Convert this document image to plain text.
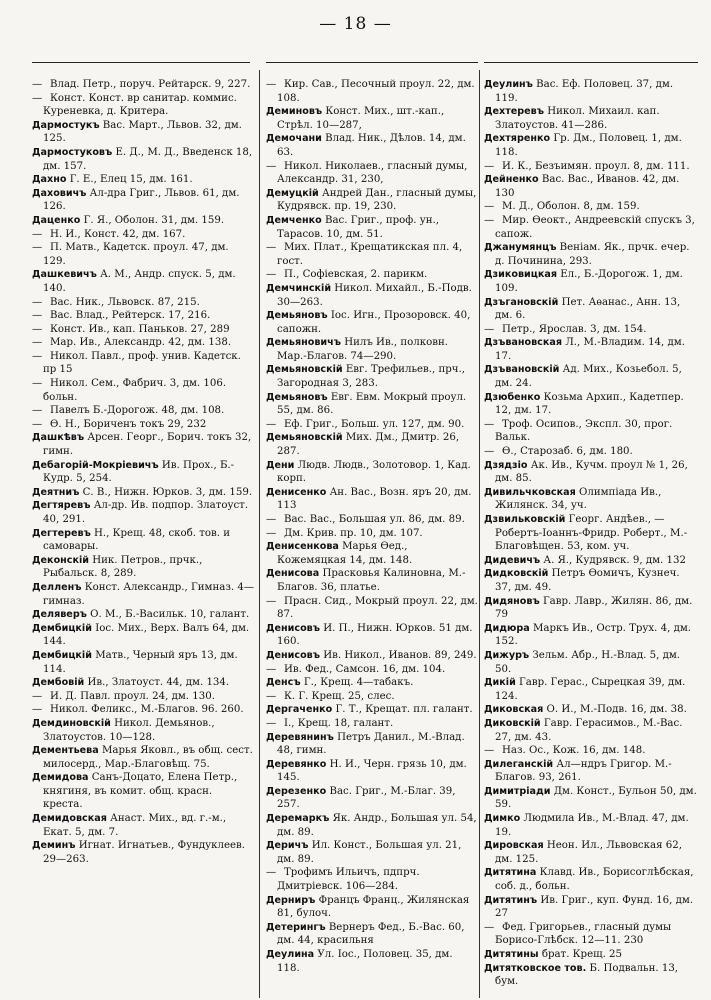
— 18 —
— Влад. Петр., поруч. Рейтарск. 9, 227.
— Конст. Конст. вр санитар. коммис. Куреневка, д. Критера.
Дармостукъ Вас. Март., Львов. 32, дм. 125.
Дармостуковъ Е. Д., М. Д., Введенск 18, дм. 157.
Дахно Г. Е., Елец 15, дм. 161.
Даховичъ Ал-дра Григ., Львов. 61, дм. 126.
Даценко Г. Я., Оболон. 31, дм. 159.
— Н. И., Конст. 42, дм. 167.
— П. Матв., Кадетск. проул. 47, дм. 129.
Дашкевичъ А. М., Андр. спуск. 5, дм. 140.
— Вас. Ник., Львовск. 87, 215.
— Вас. Влад., Рейтерск. 17, 216.
— Конст. Ив., кап. Паньков. 27, 289
— Мар. Ив., Александр. 42, дм. 138.
— Никол. Павл., проф. унив. Кадетск. пр 15
— Никол. Сем., Фабрич. 3, дм. 106. больн.
— Павелъ Б.-Дорогож. 48, дм. 108.
— Ѳ. Н., Бориченъ токъ 29, 232
Дашкѣвъ Арсен. Георг., Борич. токъ 32, гимн.
Дебагорій-Мокріевичъ Ив. Прох., Б.-Кудр. 5, 254.
Деятниъ С. В., Нижн. Юрков. 3, дм. 159.
Дегтяревъ Ал-др. Ив. подпор. Златоуст. 40, 291.
Дегтеревъ Н., Крещ. 48, скоб. тов. и самовары.
Деконскій Ник. Петров., прчк., Рыбальск. 8, 289.
Делленъ Конст. Александр., Гимназ. 4—гимназ.
Деляверъ О. М., Б.-Васильк. 10, галант.
Дембицкій Іос. Мих., Верх. Валъ 64, дм. 144.
Дембицкій Матв., Черный яръ 13, дм. 114.
Дембовій Ив., Златоуст. 44, дм. 134.
— И. Д. Павл. проул. 24, дм. 130.
— Никол. Феликс., М.-Благов. 96. 260.
Демдиновскій Никол. Демьянов., Златоустов. 10—128.
Дементьева Марья Яковл., въ общ. сест. милосерд., Мар.-Благовѣщ. 75.
Демидова Санъ-Доцато, Елена Петр., княгиня, въ комит. общ. красн. креста.
Демидовская Анаст. Мих., вд. г.-м., Екат. 5, дм. 7.
Деминъ Игнат. Игнатьев., Фундуклеев. 29—263.
— Кир. Сав., Песочный проул. 22, дм. 108.
Деминовъ Конст. Мих., шт.-кап., Стрѣл. 10—287,
Демочани Влад. Ник., Дѣлов. 14, дм. 63.
— Никол. Николаев., гласный думы, Александр. 31, 230,
Демуцкій Андрей Дан., гласный думы, Кудрявск. пр. 19, 230.
Демченко Вас. Григ., проф. ун., Тарасов. 10, дм. 51.
— Мих. Плат., Крещатикская пл. 4, гост.
— П., Софіевская, 2. парикм.
Демчинскій Никол. Михайл., Б.-Подв. 30—263.
Демьяновъ Іос. Игн., Прозоровск. 40, сапожн.
Демьяновичъ Нилъ Ив., полковн. Мар.-Благов. 74—290.
Демьяновскій Евг. Трефильев., прч., Загородная 3, 283.
Демьяновъ Евг. Евм. Мокрый проул. 55, дм. 86.
— Еф. Григ., Больш. ул. 127, дм. 90.
Демьяновскій Мих. Дм., Дмитр. 26, 287.
Дени Людв. Людв., Золотовор. 1, Кад. корп.
Денисенко Ан. Вас., Возн. яръ 20, дм. 113
— Вас. Вас., Большая ул. 86, дм. 89.
— Дм. Крив. пр. 10, дм. 107.
Денисенкова Марья Ѳед., Кожемяцкая 14, дм. 148.
Денисова Прасковья Калиновна, М.-Благов. 36, платье.
— Прасн. Сид., Мокрый проул. 22, дм. 87.
Денисовъ И. П., Нижн. Юрков. 51 дм. 160.
Денисовъ Ив. Никол., Иванов. 89, 249.
— Ив. Фед., Самсон. 16, дм. 104.
Денсъ Г., Крещ. 4—табакъ.
— К. Г. Крещ. 25, слес.
Дергаченко Г. Т., Крещат. пл. галант.
— І., Крещ. 18, галант.
Деревянинъ Петръ Данил., М.-Влад. 48, гимн.
Деревянко Н. И., Черн. грязь 10, дм. 145.
Дерезенко Вас. Григ., М.-Благ. 39, 257.
Деремаркъ Як. Андр., Большая ул. 54, дм. 89.
Деричъ Ил. Конст., Большая ул. 21, дм. 89.
— Трофимъ Ильичъ, пдпрч. Дмитріевск. 106—284.
Дерниръ Францъ Франц., Жилянская 81, булоч.
Детерингъ Вернеръ Фед., Б.-Вас. 60, дм. 44, красильня
Деулина Ул. Іос., Половец. 35, дм. 118.
Деулинъ Вас. Еф. Половец. 37, дм. 119.
Дехтеревъ Никол. Михаил. кап. Златоустов. 41—286.
Дехтяренко Гр. Дм., Половец. 1, дм. 118.
— И. К., Безъимян. проул. 8, дм. 111.
Дейненко Вас. Вас., Иванов. 42, дм. 130
— М. Д., Оболон. 8, дм. 159.
— Мир. Ѳеокт., Андреевскій спускъ 3, сапож.
Джанумянцъ Веніам. Як., прчк. ечер. д. Починина, 293.
Дзиковицкая Ел., Б.-Дорогож. 1, дм. 109.
Дзъгановскій Пет. Аѳанас., Анн. 13, дм. 6.
— Петр., Ярослав. 3, дм. 154.
Дзъвановская Л., М.-Владим. 14, дм. 17.
Дзъвановскій Ад. Мих., Козьебол. 5, дм. 24.
Дзюбенко Козьма Архип., Кадетпер. 12, дм. 17.
— Троф. Осипов., Экспл. 30, прог. Вальк.
— Ѳ., Старозаб. 6, дм. 180.
Дзядзіо Ак. Ив., Кучм. проул № 1, 26, дм. 85.
Дивильчковская Олимпіада Ив., Жилянск. 34, уч.
Дзвильковскій Георг. Андѣев., — Робертъ-Іоаннъ-Фридр. Роберт., М.-Благовѣщен. 53, ком. уч.
Дидевичъ А. Я., Кудрявск. 9, дм. 132
Дидковскій Петръ Ѳомичъ, Кузнеч. 37, дм. 49.
Дидяновъ Гавр. Лавр., Жилян. 86, дм. 79
Дидюра Маркъ Ив., Остр. Трух. 4, дм. 152.
Дижуръ Зельм. Абр., Н.-Влад. 5, дм. 50.
Дикій Гавр. Герас., Сырецкая 39, дм. 124.
Диковская О. И., М.-Подв. 16, дм. 38.
Диковскій Гавр. Герасимов., М.-Вас. 27, дм. 43.
— Наз. Ос., Кож. 16, дм. 148.
Дилеганскій Ал—ндръ Григор. М.-Благов. 93, 261.
Димитріади Дм. Конст., Бульон 50, дм. 59.
Димко Людмила Ив., М.-Влад. 47, дм. 19.
Дировская Неон. Ил., Львовская 62, дм. 125.
Дитятина Клавд. Ив., Борисоглѣбская, соб. д., больн.
Дитятинъ Ив. Григ., куп. Фунд. 16, дм. 27
— Фед. Григорьев., гласный думы Борисо-Глѣбск. 12—11. 230
Дитятины брат. Крещ. 25
Дитятковское тов. Б. Подвальн. 13, бум.
